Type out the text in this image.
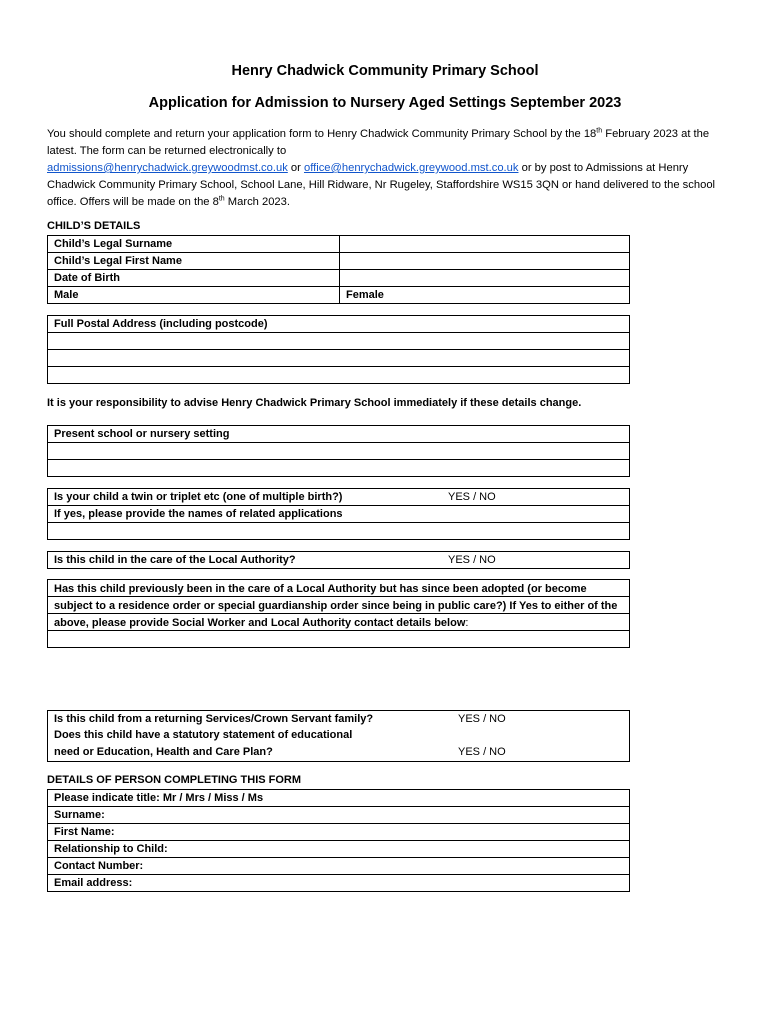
Henry Chadwick Community Primary School
Application for Admission to Nursery Aged Settings September 2023
You should complete and return your application form to Henry Chadwick Community Primary School by the 18th February 2023 at the latest. The form can be returned electronically to
admissions@henrychadwick.greywoodmst.co.uk or office@henrychadwick.greywood.mst.co.uk or by post to Admissions at Henry Chadwick Community Primary School, School Lane, Hill Ridware, Nr Rugeley, Staffordshire WS15 3QN or hand delivered to the school office. Offers will be made on the 8th March 2023.
CHILD’S DETAILS
Child’s Legal Surname
Child’s Legal First Name
Date of Birth
Male	Female
Full Postal Address (including postcode)
It is your responsibility to advise Henry Chadwick Primary School immediately if these details change.
Present school or nursery setting
Is your child a twin or triplet etc (one of multiple birth?)	YES / NO
If yes, please provide the names of related applications
Is this child in the care of the Local Authority?	YES / NO
Has this child previously been in the care of a Local Authority but has since been adopted (or become subject to a residence order or special guardianship order since being in public care?) If Yes to either of the above, please provide Social Worker and Local Authority contact details below:
Is this child from a returning Services/Crown Servant family?	YES / NO
Does this child have a statutory statement of educational
need or Education, Health and Care Plan?	YES / NO
DETAILS OF PERSON COMPLETING THIS FORM
Please indicate title: Mr / Mrs / Miss / Ms
Surname:
First Name:
Relationship to Child:
Contact Number:
Email address:
